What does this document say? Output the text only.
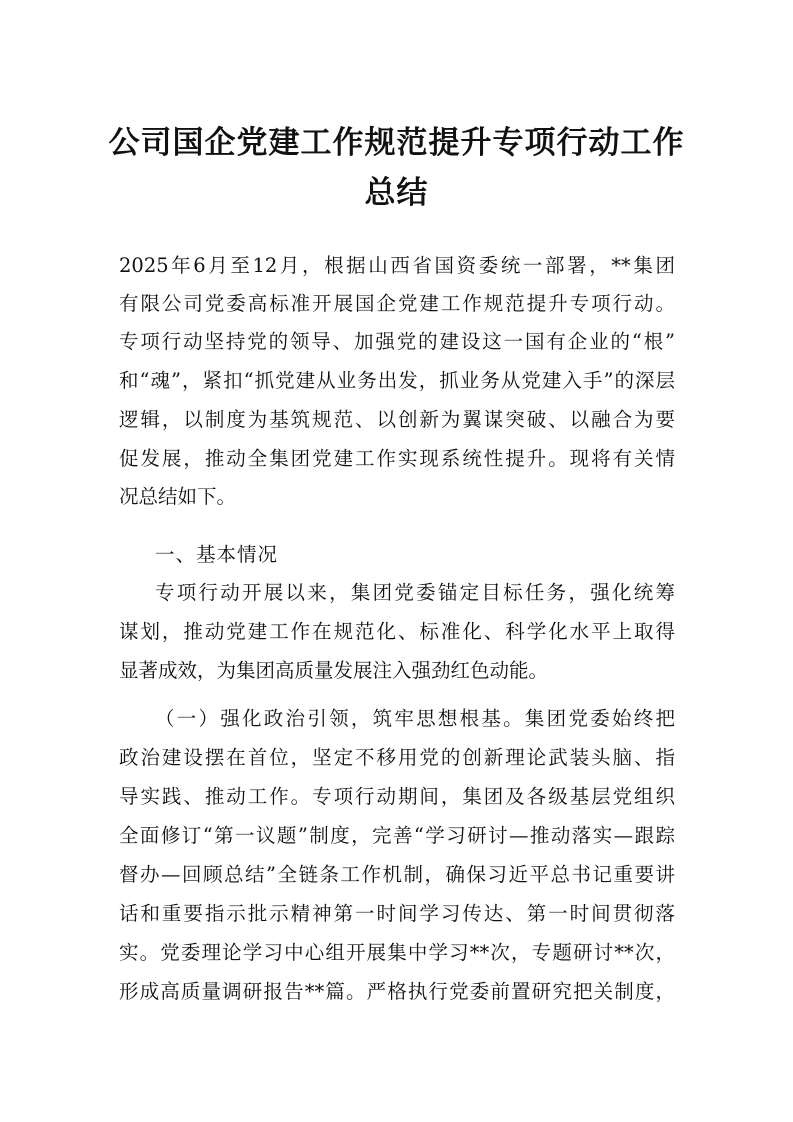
公司国企党建工作规范提升专项行动工作
总结

2025年6月至12月，根据山西省国资委统一部署，**集团

有限公司党委高标准开展国企党建工作规范提升专项行动。

专项行动坚持党的领导、加强党的建设这一国有企业的“根”

和“魂”，紧扣“抓党建从业务出发，抓业务从党建入手”的深层

逻辑，以制度为基筑规范、以创新为翼谋突破、以融合为要

促发展，推动全集团党建工作实现系统性提升。现将有关情

况总结如下。

一、基本情况

专项行动开展以来，集团党委锚定目标任务，强化统筹

谋划，推动党建工作在规范化、标准化、科学化水平上取得

显著成效，为集团高质量发展注入强劲红色动能。

（一）强化政治引领，筑牢思想根基。集团党委始终把

政治建设摆在首位，坚定不移用党的创新理论武装头脑、指

导实践、推动工作。专项行动期间，集团及各级基层党组织

全面修订“第一议题”制度，完善“学习研讨—推动落实—跟踪

督办—回顾总结”全链条工作机制，确保习近平总书记重要讲

话和重要指示批示精神第一时间学习传达、第一时间贯彻落

实。党委理论学习中心组开展集中学习**次，专题研讨**次，

形成高质量调研报告**篇。严格执行党委前置研究把关制度，
